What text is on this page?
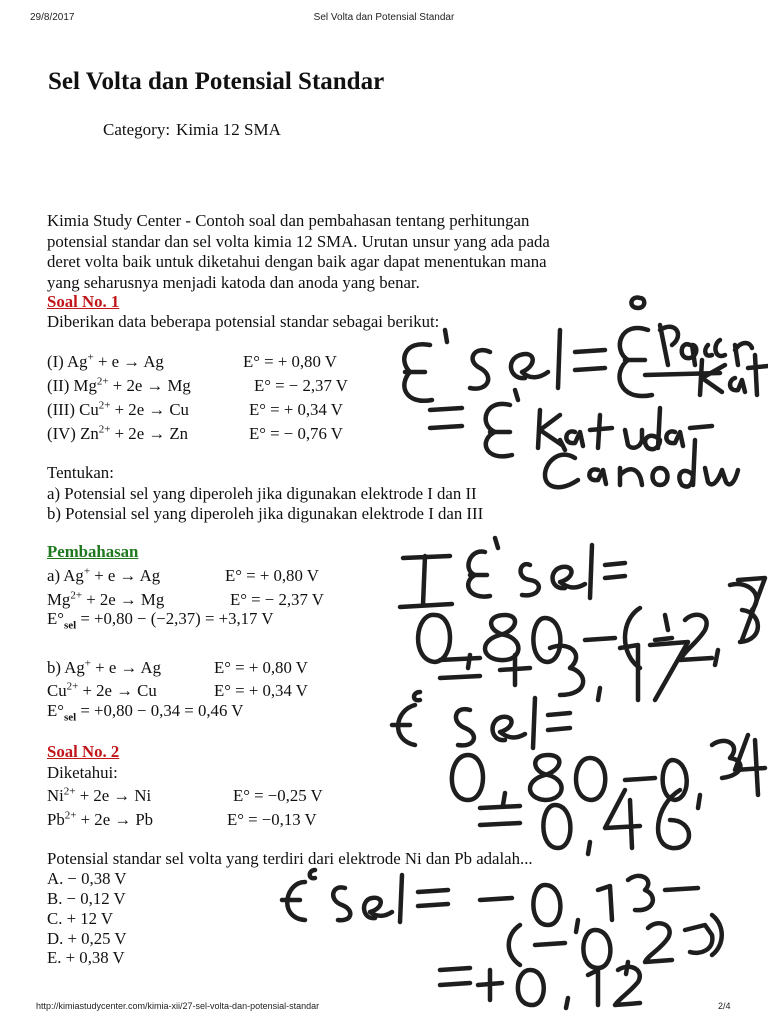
29/8/2017	Sel Volta dan Potensial Standar
Sel Volta dan Potensial Standar
Category: Kimia 12 SMA
Kimia Study Center - Contoh soal dan pembahasan tentang perhitungan
potensial standar dan sel volta kimia 12 SMA. Urutan unsur yang ada pada
deret volta baik untuk diketahui dengan baik agar dapat menentukan mana
yang seharusnya menjadi katoda dan anoda yang benar.
Soal No. 1
Diberikan data beberapa potensial standar sebagai berikut:
(I) Ag+ + e → Ag	E° = + 0,80 V
(II) $Mg^{2+} + 2e \to Mg$	E° = − 2,37 V
(III) $Cu^{2+} + 2e \to Cu$	E° = + 0,34 V
(IV) $Zn^{2+} + 2e \to Zn$	E° = − 0,76 V
Tentukan:
a) Potensial sel yang diperoleh jika digunakan elektrode I dan II
b) Potensial sel yang diperoleh jika digunakan elektrode I dan III
Pembahasan
a) Ag+ + e → Ag	E° = + 0,80 V
$Mg^{2+} + 2e \to Mg$	E° = − 2,37 V
$E^\circ_{sel} = +0,80 - (-2,37) = +3,17$ V
b) Ag+ + e → Ag	E° = + 0,80 V
$Cu^{2+} + 2e \to Cu$	E° = + 0,34 V
$E^\circ_{sel} = +0,80 - 0,34 = 0,46$ V
Soal No. 2
Diketahui:
$Ni^{2+} + 2e \to Ni$	E° = −0,25 V
$Pb^{2+} + 2e \to Pb$	E° = −0,13 V
Potensial standar sel volta yang terdiri dari elektrode Ni dan Pb adalah...
A. − 0,38 V
B. − 0,12 V
C. + 12 V
D. + 0,25 V
E. + 0,38 V
http://kimiastudycenter.com/kimia-xii/27-sel-volta-dan-potensial-standar	2/4
